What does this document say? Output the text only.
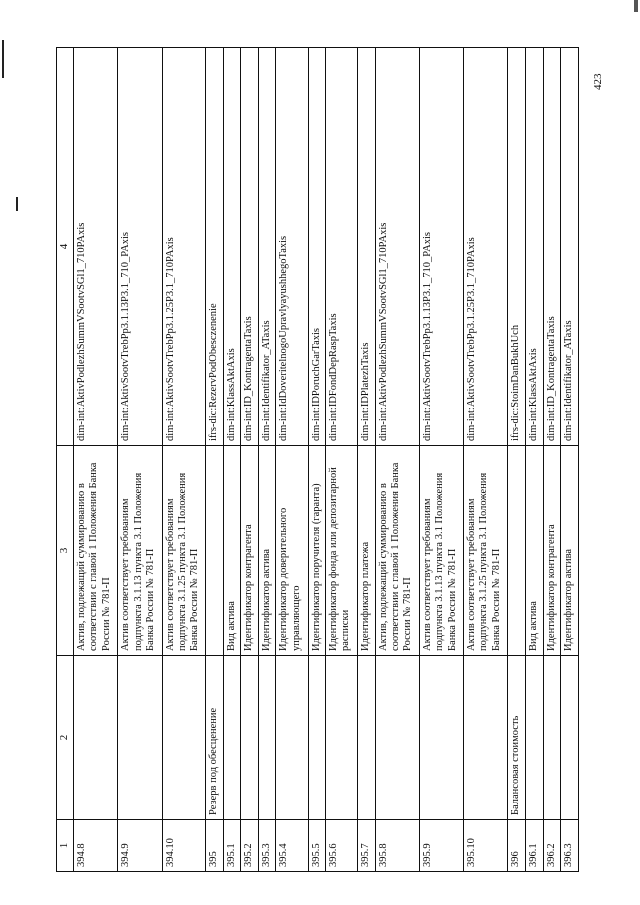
423
1	2	3	4
394.8		Актив, подлежащий суммированию в соответствии с главой 1 Положения Банка России № 781-П	dim-int:AktivPodlezhSummVSootvSGl1_710PAxis
394.9		Актив соответствует требованиям подпункта 3.1.13 пункта 3.1 Положения Банка России № 781-П	dim-int:AktivSootvTrebPp3.1.13P3.1_710_PAxis
394.10		Актив соответствует требованиям подпункта 3.1.25 пункта 3.1 Положения Банка России № 781-П	dim-int:AktivSootvTrebPp3.1.25P3.1_710PAxis
395	Резерв под обесценение		ifrs-dic:RezervPodObesczenenie
395.1		Вид актива	dim-int:KlassAktAxis
395.2		Идентификатор контрагента	dim-int:ID_KontragentaTaxis
395.3		Идентификатор актива	dim-int:Identifikator_ATaxis
395.4		Идентификатор доверительного управляющего	dim-int:IdDoveritelnogoUpravlyayushhegoTaxis
395.5		Идентификатор поручителя (гаранта)	dim-int:IDPoruchGarTaxis
395.6		Идентификатор фонда или депозитарной расписки	dim-int:IDFondDepRaspTaxis
395.7		Идентификатор платежа	dim-int:IDPlatezhTaxis
395.8		Актив, подлежащий суммированию в соответствии с главой 1 Положения Банка России № 781-П	dim-int:AktivPodlezhSummVSootvSGl1_710PAxis
395.9		Актив соответствует требованиям подпункта 3.1.13 пункта 3.1 Положения Банка России № 781-П	dim-int:AktivSootvTrebPp3.1.13P3.1_710_PAxis
395.10		Актив соответствует требованиям подпункта 3.1.25 пункта 3.1 Положения Банка России № 781-П	dim-int:AktivSootvTrebPp3.1.25P3.1_710PAxis
396	Балансовая стоимость		ifrs-dic:StoimDanBukhUch
396.1		Вид актива	dim-int:KlassAktAxis
396.2		Идентификатор контрагента	dim-int:ID_KontragentaTaxis
396.3		Идентификатор актива	dim-int:Identifikator_ATaxis
